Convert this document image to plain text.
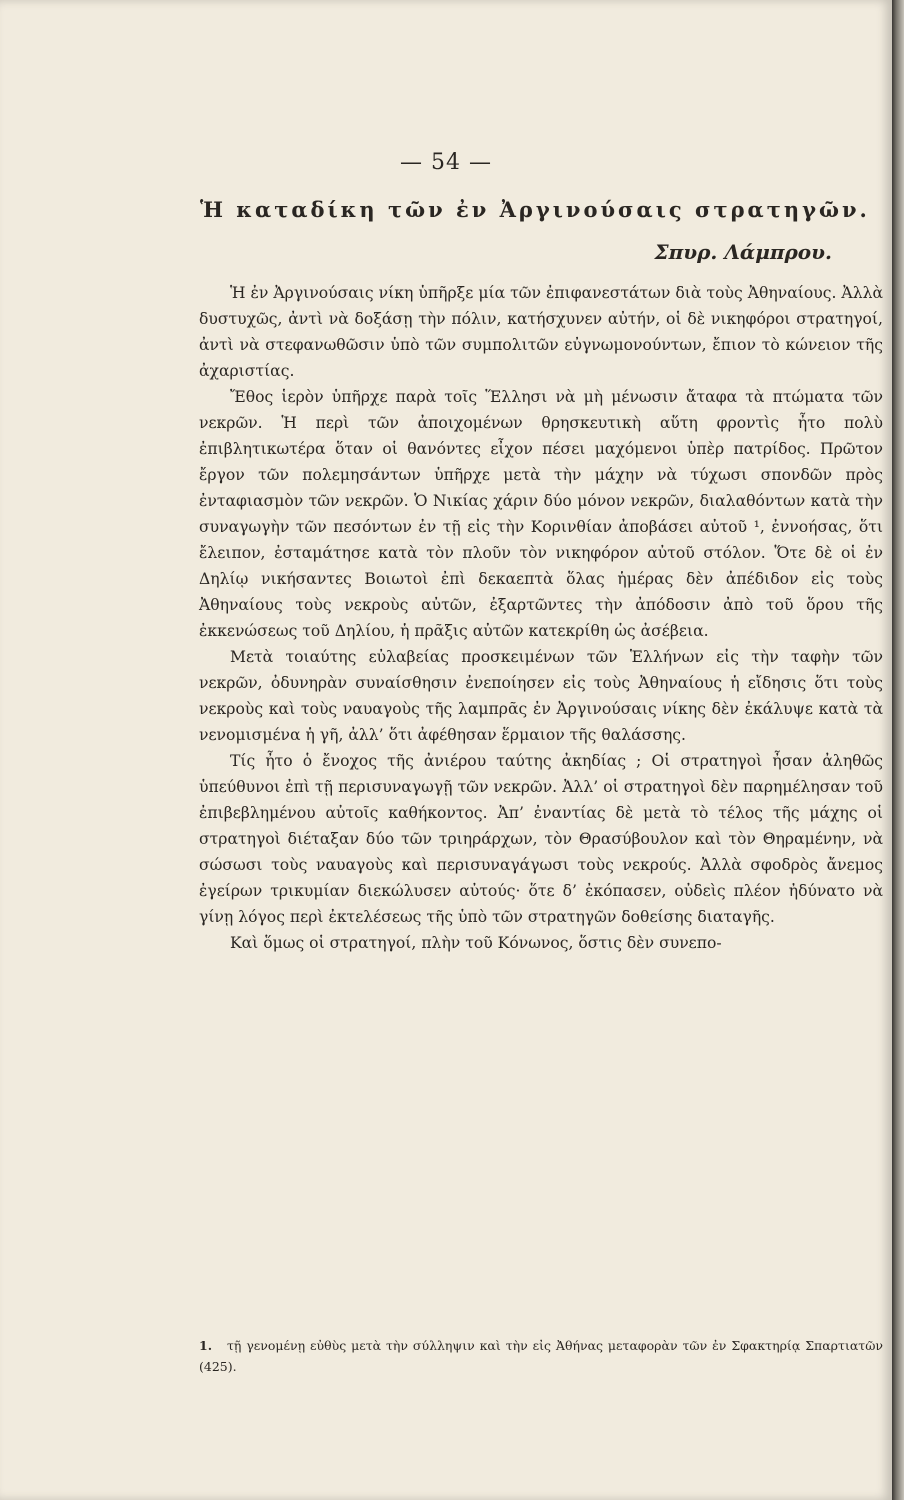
— 54 —
Ἡ καταδίκη τῶν ἐν Ἀργινούσαις στρατηγῶν.
Σπυρ. Λάμπρου.

Ἡ ἐν Ἀργινούσαις νίκη ὑπῆρξε μία τῶν ἐπιφανεστάτων διὰ τοὺς Ἀθηναίους. Ἀλλὰ δυστυχῶς, ἀντὶ νὰ δοξάσῃ τὴν πόλιν, κατήσχυνεν αὐτήν, οἱ δὲ νικηφόροι στρατηγοί, ἀντὶ νὰ στεφανωθῶσιν ὑπὸ τῶν συμπολιτῶν εὐγνωμονούντων, ἔπιον τὸ κώνειον τῆς ἀχαριστίας.

Ἔθος ἱερὸν ὑπῆρχε παρὰ τοῖς Ἕλλησι νὰ μὴ μένωσιν ἄταφα τὰ πτώματα τῶν νεκρῶν. Ἡ περὶ τῶν ἀποιχομένων θρησκευτικὴ αὕτη φροντὶς ἦτο πολὺ ἐπιβλητικωτέρα ὅταν οἱ θανόντες εἶχον πέσει μαχόμενοι ὑπὲρ πατρίδος. Πρῶτον ἔργον τῶν πολεμησάντων ὑπῆρχε μετὰ τὴν μάχην νὰ τύχωσι σπονδῶν πρὸς ἐνταφιασμὸν τῶν νεκρῶν. Ὁ Νικίας χάριν δύο μόνον νεκρῶν, διαλαθόντων κατὰ τὴν συναγωγὴν τῶν πεσόντων ἐν τῇ εἰς τὴν Κορινθίαν ἀποβάσει αὐτοῦ ¹, ἐννοήσας, ὅτι ἔλειπον, ἐσταμάτησε κατὰ τὸν πλοῦν τὸν νικηφόρον αὐτοῦ στόλον. Ὅτε δὲ οἱ ἐν Δηλίῳ νικήσαντες Βοιωτοὶ ἐπὶ δεκαεπτὰ ὅλας ἡμέρας δὲν ἀπέδιδον εἰς τοὺς Ἀθηναίους τοὺς νεκροὺς αὐτῶν, ἐξαρτῶντες τὴν ἀπόδοσιν ἀπὸ τοῦ ὅρου τῆς ἐκκενώσεως τοῦ Δηλίου, ἡ πρᾶξις αὐτῶν κατεκρίθη ὡς ἀσέβεια.

Μετὰ τοιαύτης εὐλαβείας προσκειμένων τῶν Ἑλλήνων εἰς τὴν ταφὴν τῶν νεκρῶν, ὀδυνηρὰν συναίσθησιν ἐνεποίησεν εἰς τοὺς Ἀθηναίους ἡ εἴδησις ὅτι τοὺς νεκροὺς καὶ τοὺς ναυαγοὺς τῆς λαμπρᾶς ἐν Ἀργινούσαις νίκης δὲν ἐκάλυψε κατὰ τὰ νενομισμένα ἡ γῆ, ἀλλ’ ὅτι ἀφέθησαν ἕρμαιον τῆς θαλάσσης.

Τίς ἦτο ὁ ἔνοχος τῆς ἀνιέρου ταύτης ἀκηδίας ; Οἱ στρατηγοὶ ἦσαν ἀληθῶς ὑπεύθυνοι ἐπὶ τῇ περισυναγωγῇ τῶν νεκρῶν. Ἀλλ’ οἱ στρατηγοὶ δὲν παρημέλησαν τοῦ ἐπιβεβλημένου αὐτοῖς καθήκοντος. Ἀπ’ ἐναντίας δὲ μετὰ τὸ τέλος τῆς μάχης οἱ στρατηγοὶ διέταξαν δύο τῶν τριηράρχων, τὸν Θρασύβουλον καὶ τὸν Θηραμένην, νὰ σώσωσι τοὺς ναυαγοὺς καὶ περισυναγάγωσι τοὺς νεκρούς. Ἀλλὰ σφοδρὸς ἄνεμος ἐγείρων τρικυμίαν διεκώλυσεν αὐτούς· ὅτε δ’ ἐκόπασεν, οὐδεὶς πλέον ἠδύνατο νὰ γίνῃ λόγος περὶ ἐκτελέσεως τῆς ὑπὸ τῶν στρατηγῶν δοθείσης διαταγῆς.

Καὶ ὅμως οἱ στρατηγοί, πλὴν τοῦ Κόνωνος, ὅστις δὲν συνεπο-

1. τῇ γενομένῃ εὐθὺς μετὰ τὴν σύλληψιν καὶ τὴν εἰς Ἀθήνας μεταφορὰν τῶν ἐν Σφακτηρίᾳ Σπαρτιατῶν (425).
